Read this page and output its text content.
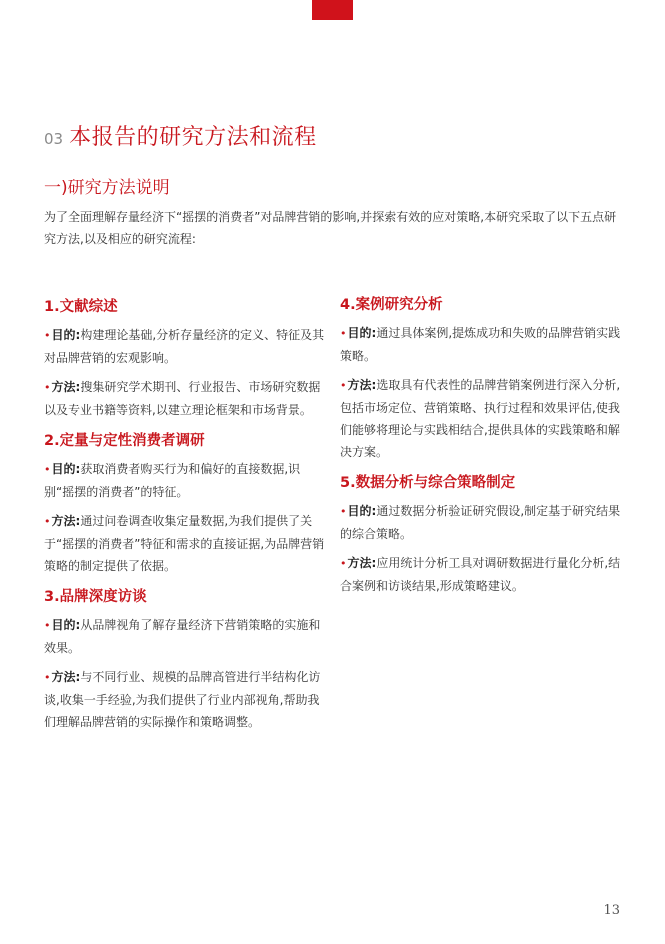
03 本报告的研究方法和流程
一)研究方法说明

为了全面理解存量经济下“摇摆的消费者”对品牌营销的影响,并探索有效的应对策略,本研究采取了以下五点研究方法,以及相应的研究流程:

1.文献综述

•目的:构建理论基础,分析存量经济的定义、特征及其对品牌营销的宏观影响。

•方法:搜集研究学术期刊、行业报告、市场研究数据以及专业书籍等资料,以建立理论框架和市场背景。

2.定量与定性消费者调研

•目的:获取消费者购买行为和偏好的直接数据,识别“摇摆的消费者”的特征。

•方法:通过问卷调查收集定量数据,为我们提供了关于“摇摆的消费者”特征和需求的直接证据,为品牌营销策略的制定提供了依据。

3.品牌深度访谈

•目的:从品牌视角了解存量经济下营销策略的实施和效果。

•方法:与不同行业、规模的品牌高管进行半结构化访谈,收集一手经验,为我们提供了行业内部视角,帮助我们理解品牌营销的实际操作和策略调整。

4.案例研究分析

•目的:通过具体案例,提炼成功和失败的品牌营销实践策略。

•方法:选取具有代表性的品牌营销案例进行深入分析,包括市场定位、营销策略、执行过程和效果评估,使我们能够将理论与实践相结合,提供具体的实践策略和解决方案。

5.数据分析与综合策略制定

•目的:通过数据分析验证研究假设,制定基于研究结果的综合策略。

•方法:应用统计分析工具对调研数据进行量化分析,结合案例和访谈结果,形成策略建议。

13
